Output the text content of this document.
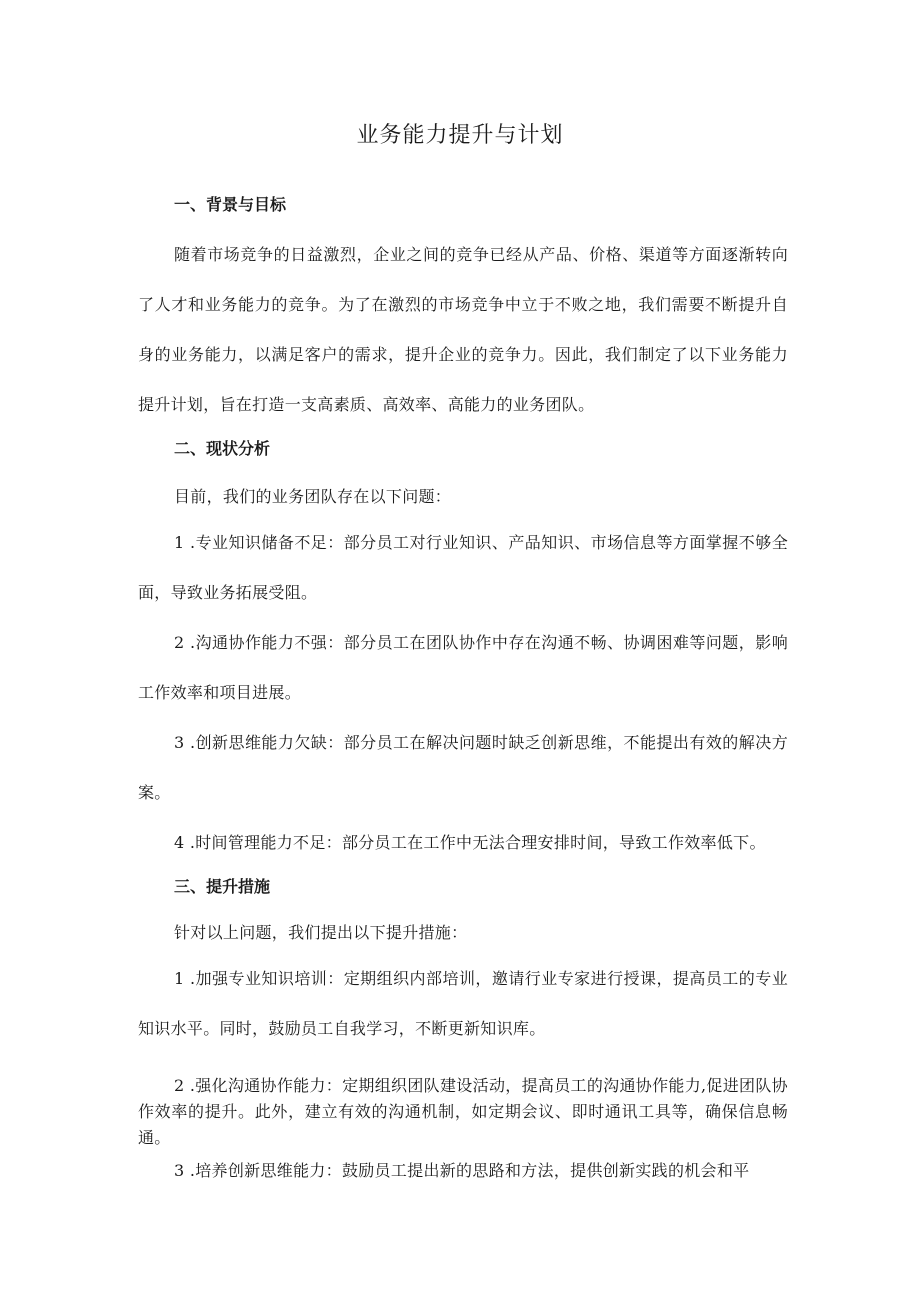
业务能力提升与计划
一、背景与目标

随着市场竞争的日益激烈，企业之间的竞争已经从产品、价格、渠道等方面逐渐转向了人才和业务能力的竞争。为了在激烈的市场竞争中立于不败之地，我们需要不断提升自身的业务能力，以满足客户的需求，提升企业的竞争力。因此，我们制定了以下业务能力提升计划，旨在打造一支高素质、高效率、高能力的业务团队。

二、现状分析

目前，我们的业务团队存在以下问题：

1 .专业知识储备不足：部分员工对行业知识、产品知识、市场信息等方面掌握不够全面，导致业务拓展受阻。

2 .沟通协作能力不强：部分员工在团队协作中存在沟通不畅、协调困难等问题，影响工作效率和项目进展。

3 .创新思维能力欠缺：部分员工在解决问题时缺乏创新思维，不能提出有效的解决方案。

4 .时间管理能力不足：部分员工在工作中无法合理安排时间，导致工作效率低下。

三、提升措施

针对以上问题，我们提出以下提升措施：

1 .加强专业知识培训：定期组织内部培训，邀请行业专家进行授课，提高员工的专业知识水平。同时，鼓励员工自我学习，不断更新知识库。

2 .强化沟通协作能力：定期组织团队建设活动，提高员工的沟通协作能力,促进团队协作效率的提升。此外，建立有效的沟通机制，如定期会议、即时通讯工具等，确保信息畅通。

3 .培养创新思维能力：鼓励员工提出新的思路和方法，提供创新实践的机会和平
